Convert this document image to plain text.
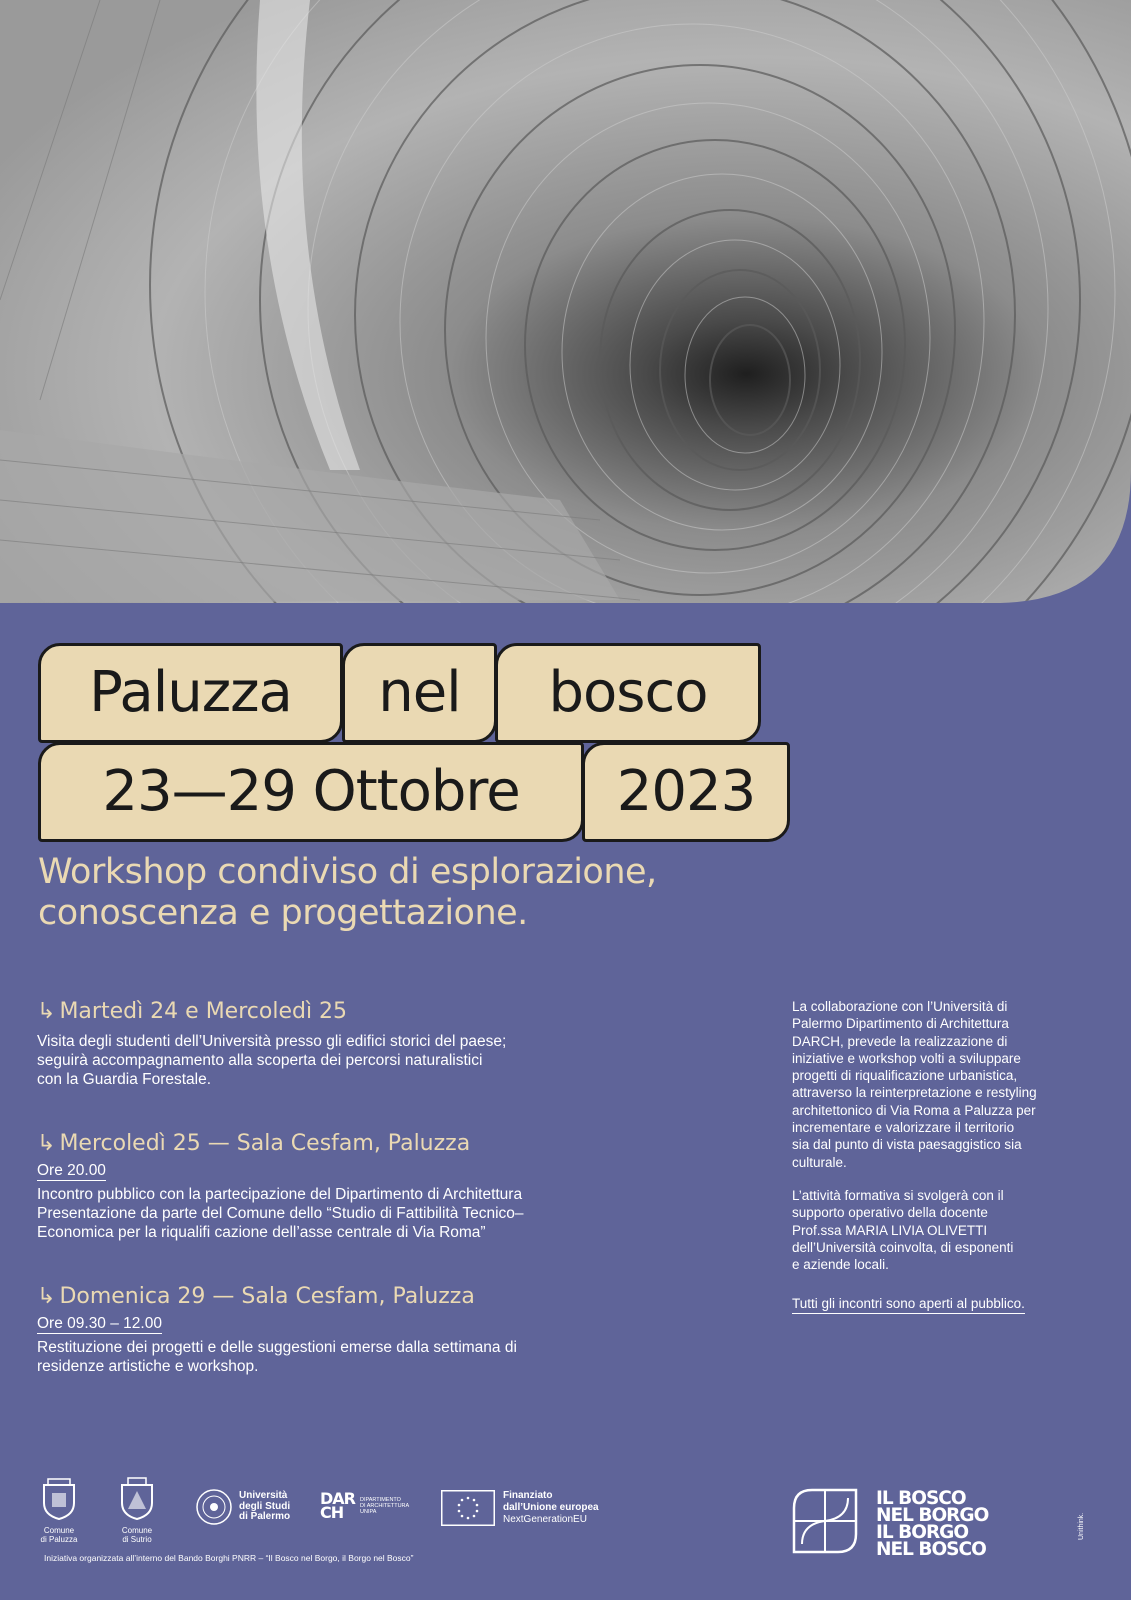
Paluzza nel bosco
23—29 Ottobre 2023
Workshop condiviso di esplorazione,
conoscenza e progettazione.
↳ Martedì 24 e Mercoledì 25
Visita degli studenti dell’Università presso gli edifici storici del paese;
seguirà accompagnamento alla scoperta dei percorsi naturalistici
con la Guardia Forestale.
↳ Mercoledì 25 — Sala Cesfam, Paluzza
Ore 20.00
Incontro pubblico con la partecipazione del Dipartimento di Architettura
Presentazione da parte del Comune dello “Studio di Fattibilità Tecnico–
Economica per la riqualifi cazione dell’asse centrale di Via Roma”
↳ Domenica 29 — Sala Cesfam, Paluzza
Ore 09.30 – 12.00
Restituzione dei progetti e delle suggestioni emerse dalla settimana di
residenze artistiche e workshop.

La collaborazione con l’Università di
Palermo Dipartimento di Architettura
DARCH, prevede la realizzazione di
iniziative e workshop volti a sviluppare
progetti di riqualificazione urbanistica,
attraverso la reinterpretazione e restyling
architettonico di Via Roma a Paluzza per
incrementare e valorizzare il territorio
sia dal punto di vista paesaggistico sia
culturale.

L’attività formativa si svolgerà con il
supporto operativo della docente
Prof.ssa MARIA LIVIA OLIVETTI
dell’Università coinvolta, di esponenti
e aziende locali.

Tutti gli incontri sono aperti al pubblico.
Comune
di Paluzza
Comune
di Sutrio
Università
degli Studi
di Palermo
DARCH
DIPARTIMENTO
DI ARCHITETTURA
UNIPA
Finanziato
dall’Unione europea
NextGenerationEU
IL BOSCO
NEL BORGO
IL BORGO
NEL BOSCO
Iniziativa organizzata all’interno del Bando Borghi PNRR – “Il Bosco nel Borgo, il Borgo nel Bosco”
Unithink.
